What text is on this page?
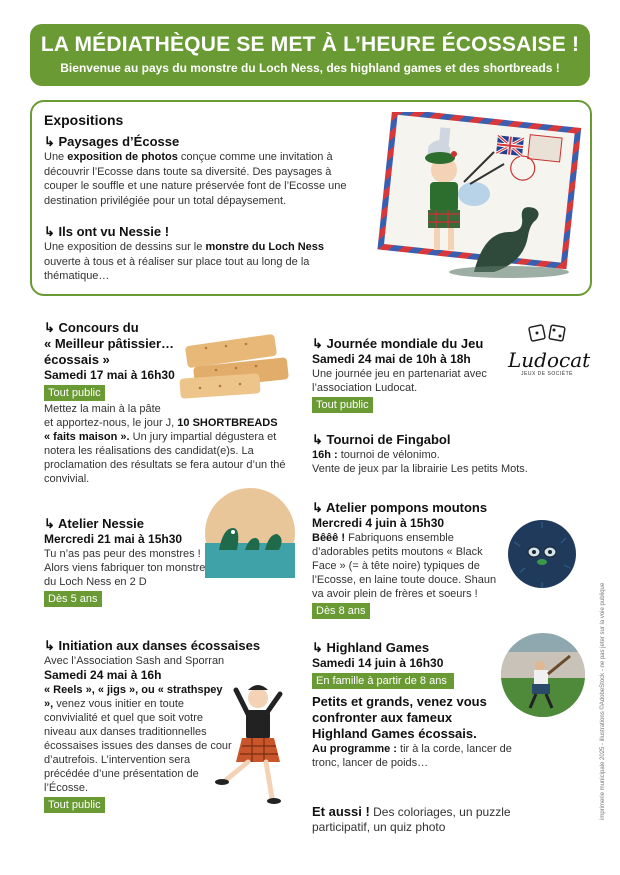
LA MÉDIATHÈQUE SE MET À L’HEURE ÉCOSSAISE !
Bienvenue au pays du monstre du Loch Ness, des highland games et des shortbreads !
Expositions
↳ Paysages d’Écosse
Une exposition de photos conçue comme une invitation à découvrir l’Ecosse dans toute sa diversité. Des paysages à couper le souffle et une nature préservée font de l’Ecosse une destination privilégiée pour un total dépaysement.
↳ Ils ont vu Nessie !
Une exposition de dessins sur le monstre du Loch Ness ouverte à tous et à réaliser sur place tout au long de la thématique…
↳ Concours du
« Meilleur pâtissier…
écossais »
Samedi 17 mai à 16h30
Tout public
Mettez la main à la pâte
et apportez-nous, le jour J, 10 SHORTBREADS
« faits maison ». Un jury impartial dégustera et notera les réalisations des candidat(e)s. La proclamation des résultats se fera autour d’un thé convivial.
↳ Atelier Nessie
Mercredi 21 mai à 15h30
Tu n’as pas peur des monstres ! Alors viens fabriquer ton monstre du Loch Ness en 2 D
Dès 5 ans
↳ Initiation aux danses écossaises
Avec l’Association Sash and Sporran
Samedi 24 mai à 16h
« Reels », « jigs », ou « strathspey », venez vous initier en toute convivialité et quel que soit votre niveau aux danses traditionnelles écossaises issues des danses de cour d’autrefois. L’intervention sera précédée d’une présentation de l’Écosse.
Tout public
↳ Journée mondiale du Jeu
Samedi 24 mai de 10h à 18h
Une journée jeu en partenariat avec l’association Ludocat.
Tout public
Ludocat
JEUX DE SOCIÉTÉ
↳ Tournoi de Fingabol
16h : tournoi de vélonimo.
Vente de jeux par la librairie Les petits Mots.
↳ Atelier pompons moutons
Mercredi 4 juin à 15h30
Bêêê ! Fabriquons ensemble d’adorables petits moutons « Black Face » (= à tête noire) typiques de l’Ecosse, en laine toute douce. Shaun va avoir plein de frères et soeurs !
Dès 8 ans
↳ Highland Games
Samedi 14 juin à 16h30
En famille à partir de 8 ans
Petits et grands, venez vous confronter aux fameux Highland Games écossais.
Au programme : tir à la corde, lancer de tronc, lancer de poids…
Et aussi ! Des coloriages, un puzzle participatif, un quiz photo
imprimerie municipale 2025 - illustrations ©AdobeStock - ne pas jeter sur la voie publique
